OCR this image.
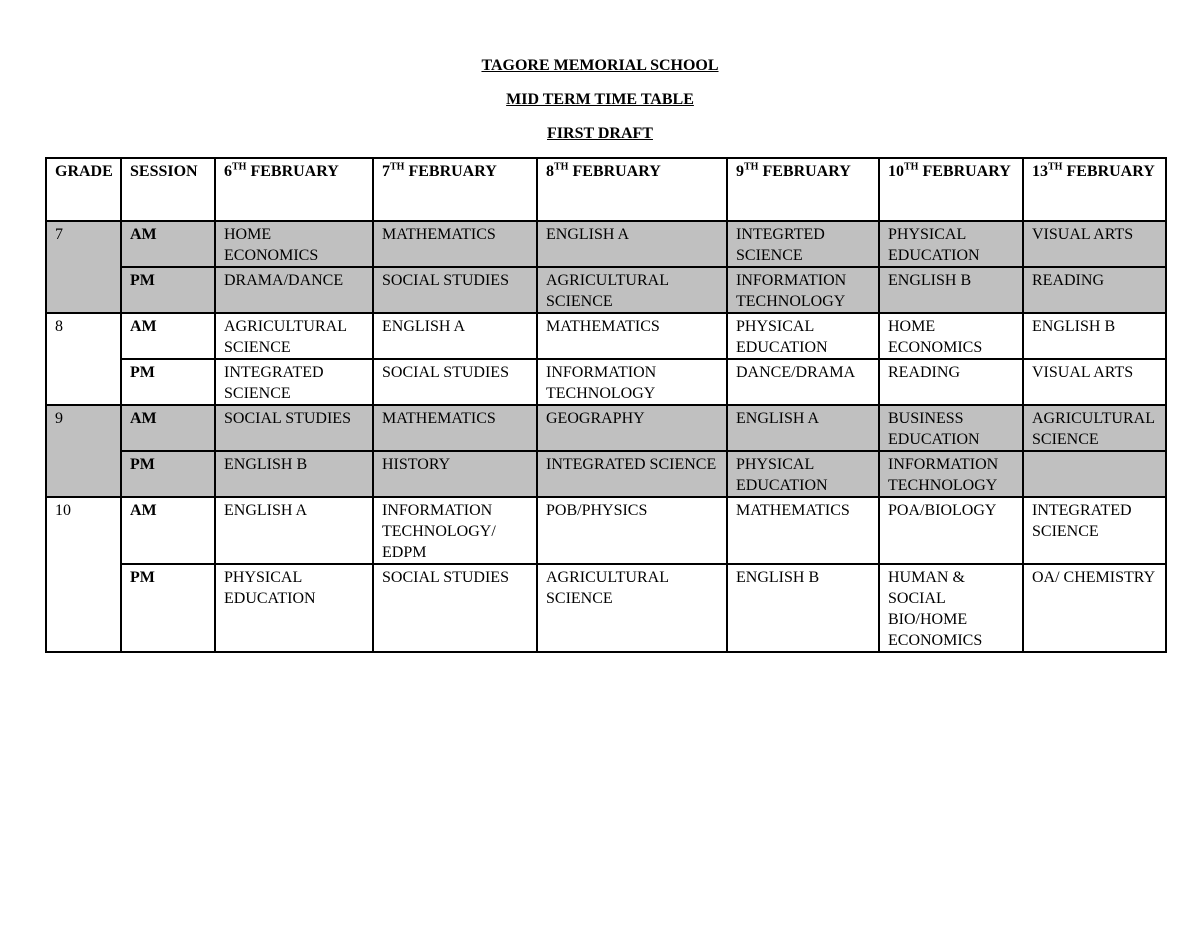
TAGORE MEMORIAL SCHOOL
MID TERM TIME TABLE
FIRST DRAFT
GRADE	SESSION	6TH FEBRUARY	7TH FEBRUARY	8TH FEBRUARY	9TH FEBRUARY	10TH FEBRUARY	13TH FEBRUARY
7	AM	HOME ECONOMICS	MATHEMATICS	ENGLISH A	INTEGRTED SCIENCE	PHYSICAL EDUCATION	VISUAL ARTS
	PM	DRAMA/DANCE	SOCIAL STUDIES	AGRICULTURAL SCIENCE	INFORMATION TECHNOLOGY	ENGLISH B	READING
8	AM	AGRICULTURAL SCIENCE	ENGLISH A	MATHEMATICS	PHYSICAL EDUCATION	HOME ECONOMICS	ENGLISH B
	PM	INTEGRATED SCIENCE	SOCIAL STUDIES	INFORMATION TECHNOLOGY	DANCE/DRAMA	READING	VISUAL ARTS
9	AM	SOCIAL STUDIES	MATHEMATICS	GEOGRAPHY	ENGLISH A	BUSINESS EDUCATION	AGRICULTURAL SCIENCE
	PM	ENGLISH B	HISTORY	INTEGRATED SCIENCE	PHYSICAL EDUCATION	INFORMATION TECHNOLOGY	
10	AM	ENGLISH A	INFORMATION TECHNOLOGY/ EDPM	POB/PHYSICS	MATHEMATICS	POA/BIOLOGY	INTEGRATED SCIENCE
	PM	PHYSICAL EDUCATION	SOCIAL STUDIES	AGRICULTURAL SCIENCE	ENGLISH B	HUMAN & SOCIAL BIO/HOME ECONOMICS	OA/ CHEMISTRY
